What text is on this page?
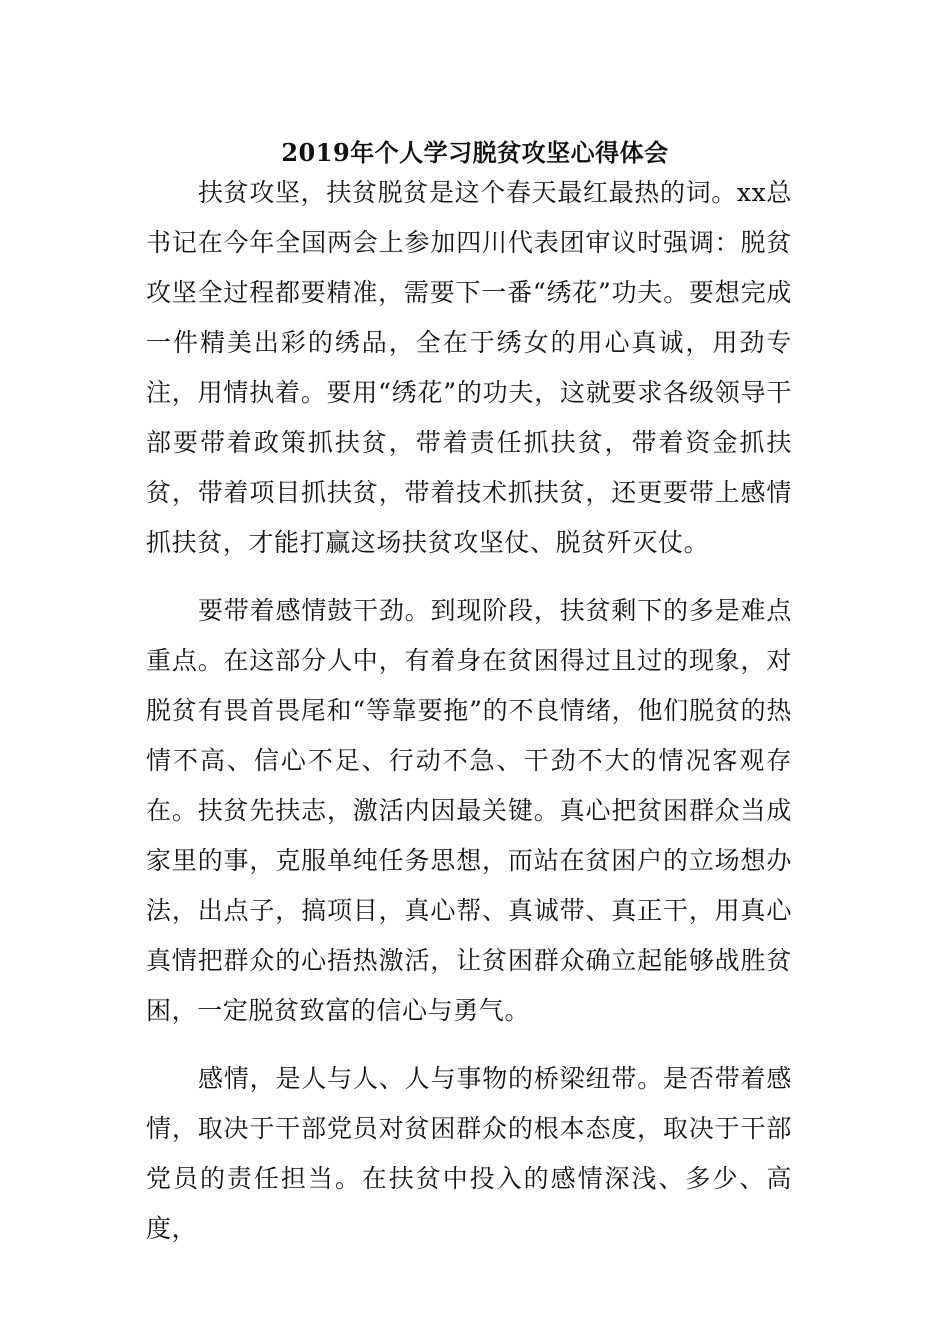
2019年个人学习脱贫攻坚心得体会

扶贫攻坚，扶贫脱贫是这个春天最红最热的词。xx总书记在今年全国两会上参加四川代表团审议时强调：脱贫攻坚全过程都要精准，需要下一番“绣花”功夫。要想完成一件精美出彩的绣品，全在于绣女的用心真诚，用劲专注，用情执着。要用“绣花”的功夫，这就要求各级领导干部要带着政策抓扶贫，带着责任抓扶贫，带着资金抓扶贫，带着项目抓扶贫，带着技术抓扶贫，还更要带上感情抓扶贫，才能打赢这场扶贫攻坚仗、脱贫歼灭仗。

要带着感情鼓干劲。到现阶段，扶贫剩下的多是难点重点。在这部分人中，有着身在贫困得过且过的现象，对脱贫有畏首畏尾和“等靠要拖”的不良情绪，他们脱贫的热情不高、信心不足、行动不急、干劲不大的情况客观存在。扶贫先扶志，激活内因最关键。真心把贫困群众当成家里的事，克服单纯任务思想，而站在贫困户的立场想办法，出点子，搞项目，真心帮、真诚带、真正干，用真心真情把群众的心捂热激活，让贫困群众确立起能够战胜贫困，一定脱贫致富的信心与勇气。

感情，是人与人、人与事物的桥梁纽带。是否带着感情，取决于干部党员对贫困群众的根本态度，取决于干部党员的责任担当。在扶贫中投入的感情深浅、多少、高度，
